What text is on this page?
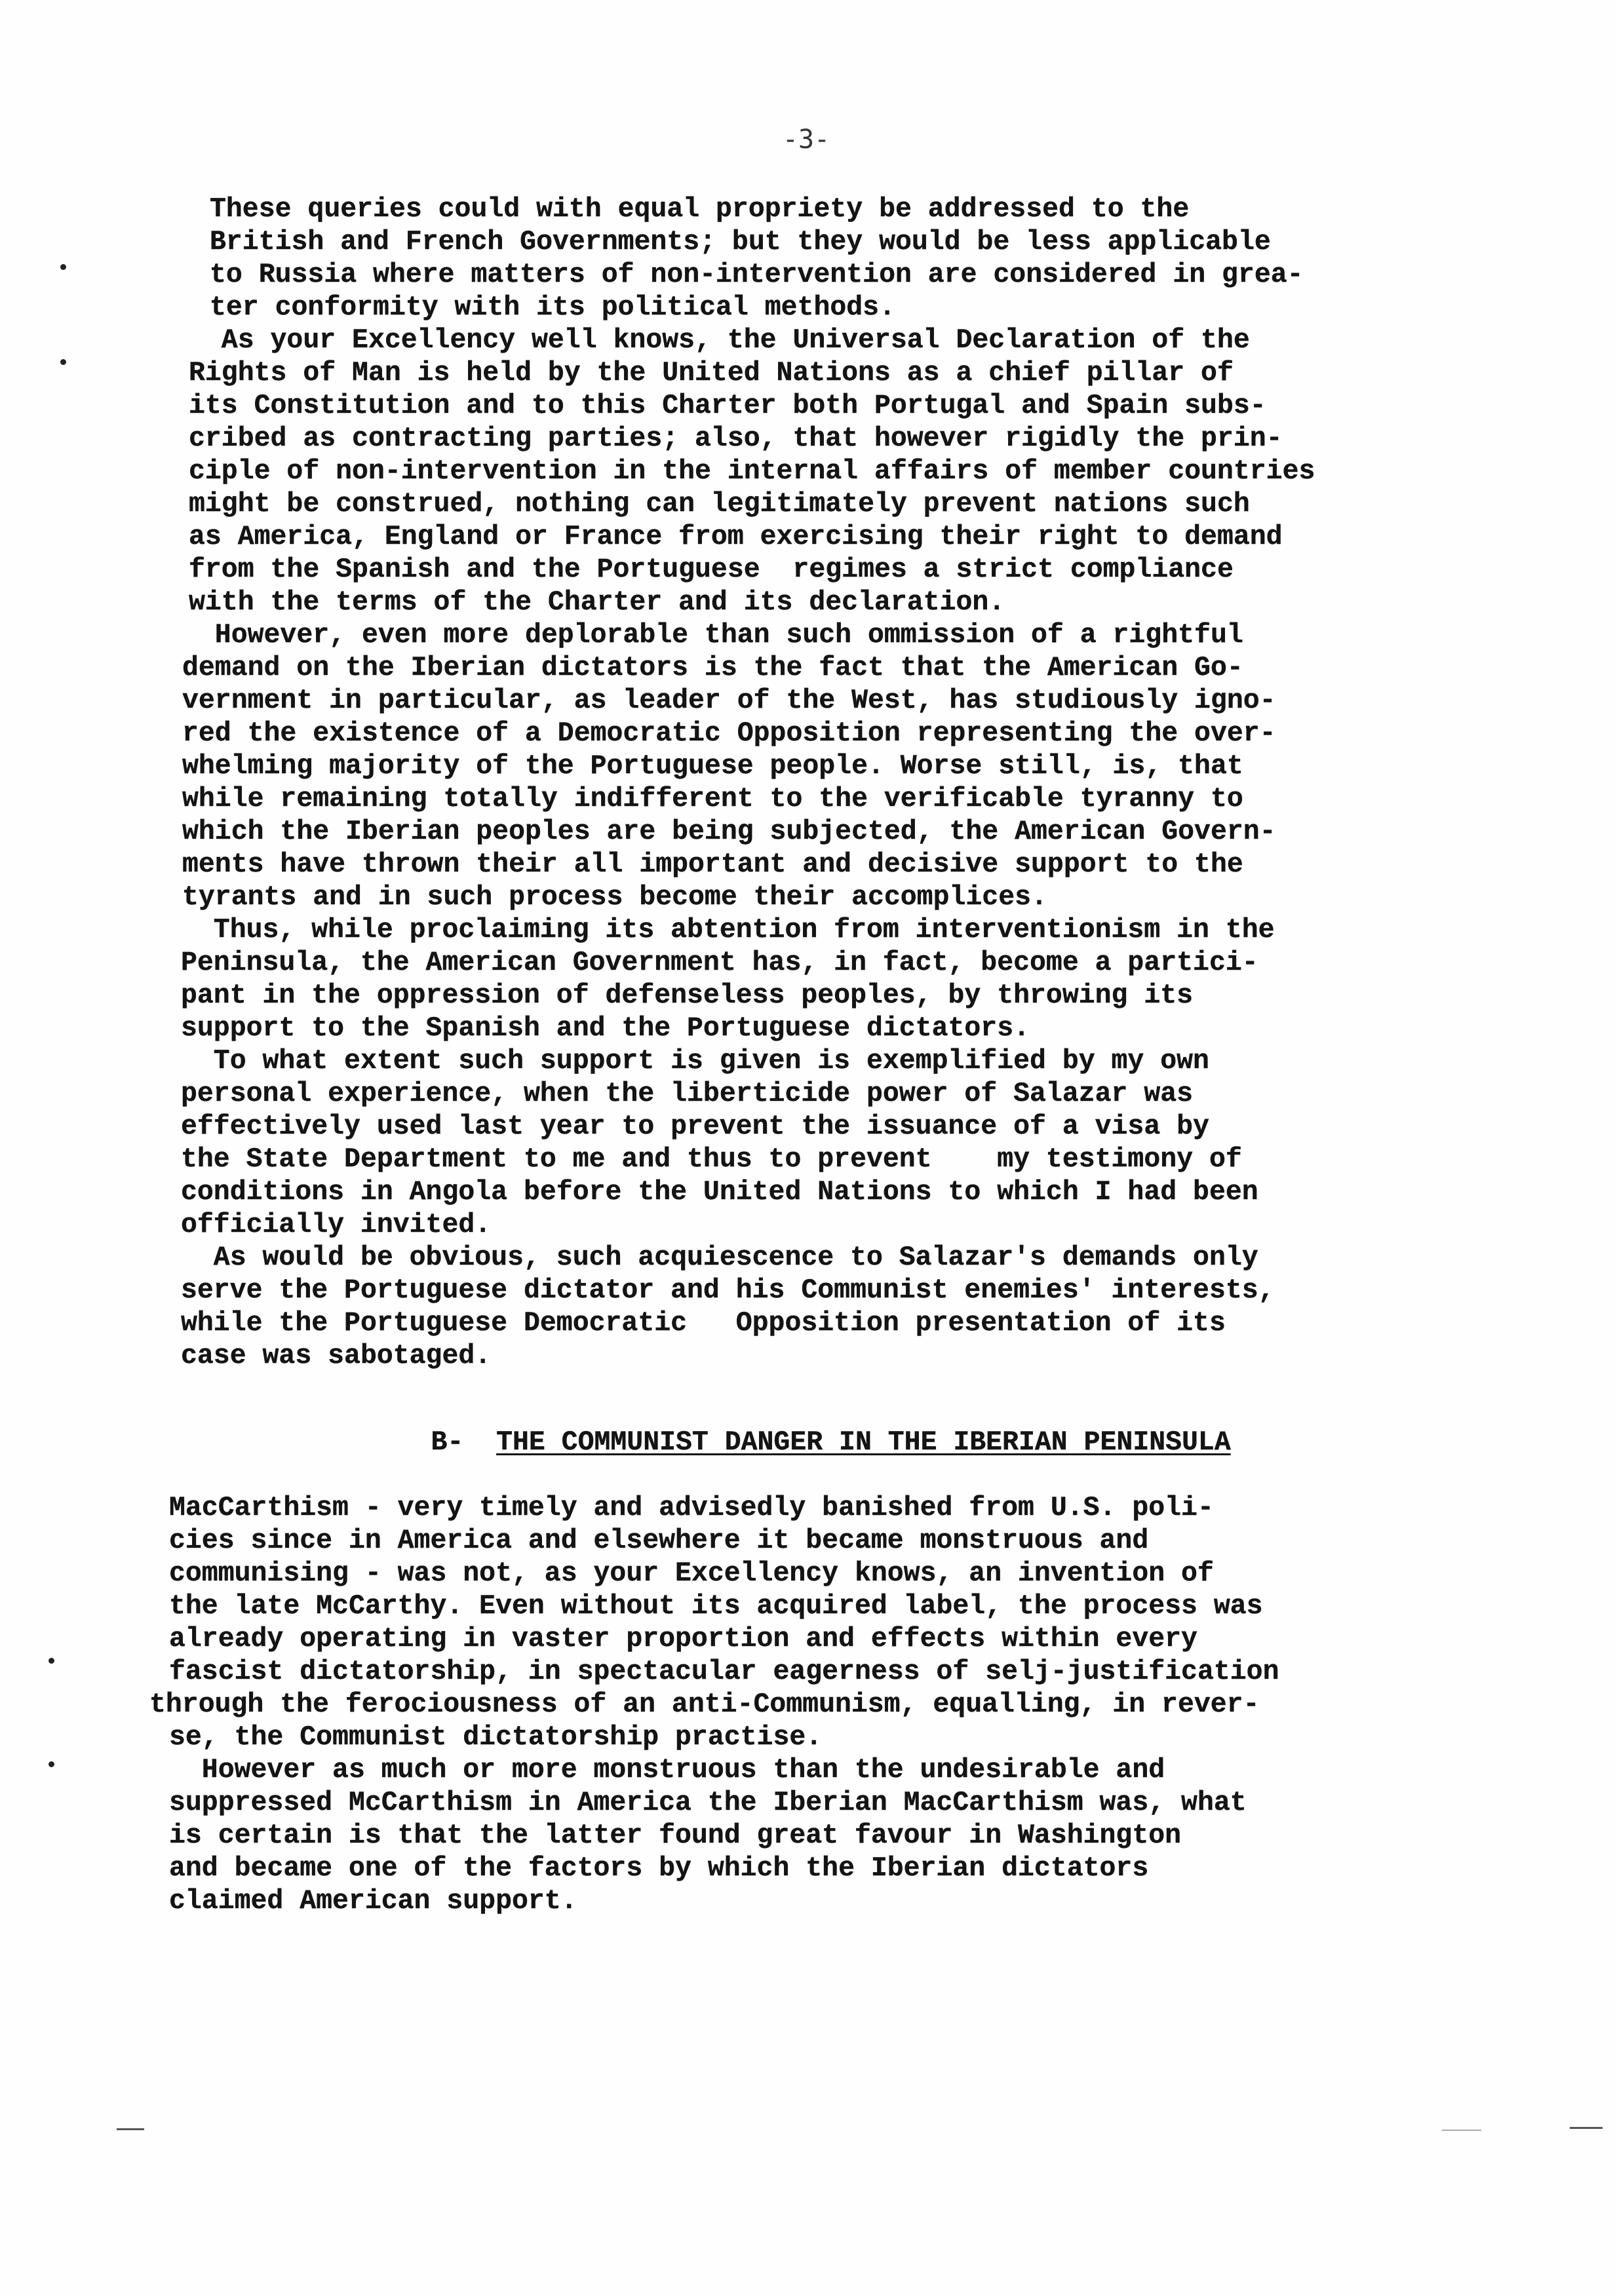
-3-
These queries could with equal propriety be addressed to the
British and French Governments; but they would be less applicable
to Russia where matters of non-intervention are considered in grea-
ter conformity with its political methods.
As your Excellency well knows, the Universal Declaration of the
Rights of Man is held by the United Nations as a chief pillar of
its Constitution and to this Charter both Portugal and Spain subs-
cribed as contracting parties; also, that however rigidly the prin-
ciple of non-intervention in the internal affairs of member countries
might be construed, nothing can legitimately prevent nations such
as America, England or France from exercising their right to demand
from the Spanish and the Portuguese  regimes a strict compliance
with the terms of the Charter and its declaration.
However, even more deplorable than such ommission of a rightful
demand on the Iberian dictators is the fact that the American Go-
vernment in particular, as leader of the West, has studiously igno-
red the existence of a Democratic Opposition representing the over-
whelming majority of the Portuguese people. Worse still, is, that
while remaining totally indifferent to the verificable tyranny to
which the Iberian peoples are being subjected, the American Govern-
ments have thrown their all important and decisive support to the
tyrants and in such process become their accomplices.
Thus, while proclaiming its abtention from interventionism in the
Peninsula, the American Government has, in fact, become a partici-
pant in the oppression of defenseless peoples, by throwing its
support to the Spanish and the Portuguese dictators.
To what extent such support is given is exemplified by my own
personal experience, when the liberticide power of Salazar was
effectively used last year to prevent the issuance of a visa by
the State Department to me and thus to prevent    my testimony of
conditions in Angola before the United Nations to which I had been
officially invited.
As would be obvious, such acquiescence to Salazar's demands only
serve the Portuguese dictator and his Communist enemies' interests,
while the Portuguese Democratic   Opposition presentation of its
case was sabotaged.

B- THE COMMUNIST DANGER IN THE IBERIAN PENINSULA

MacCarthism - very timely and advisedly banished from U.S. poli-
cies since in America and elsewhere it became monstruous and
communising - was not, as your Excellency knows, an invention of
the late McCarthy. Even without its acquired label, the process was
already operating in vaster proportion and effects within every
fascist dictatorship, in spectacular eagerness of selj-justification
through the ferociousness of an anti-Communism, equalling, in rever-
se, the Communist dictatorship practise.
However as much or more monstruous than the undesirable and
suppressed McCarthism in America the Iberian MacCarthism was, what
is certain is that the latter found great favour in Washington
and became one of the factors by which the Iberian dictators
claimed American support.
